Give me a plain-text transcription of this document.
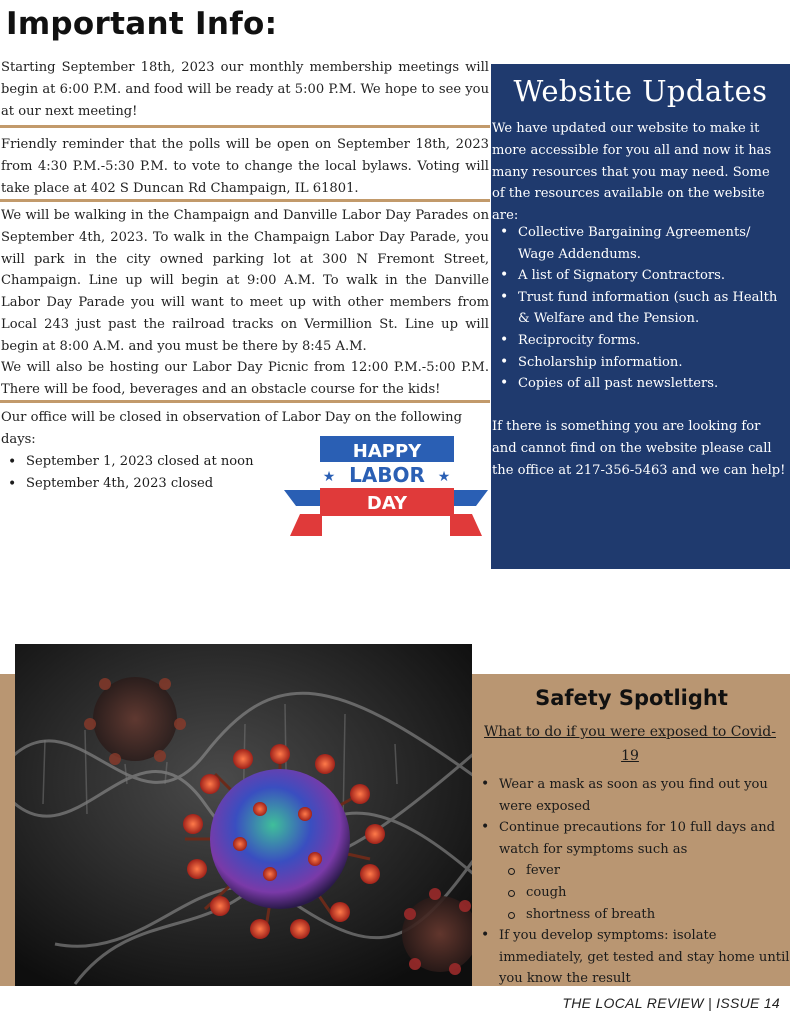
Important Info:

Starting September 18th, 2023 our monthly membership meetings will begin at 6:00 P.M. and food will be ready at 5:00 P.M. We hope to see you at our next meeting!

Friendly reminder that the polls will be open on September 18th, 2023 from 4:30 P.M.-5:30 P.M. to vote to change the local bylaws. Voting will take place at 402 S Duncan Rd Champaign, IL 61801.

We will be walking in the Champaign and Danville Labor Day Parades on September 4th, 2023. To walk in the Champaign Labor Day Parade, you will park in the city owned parking lot at 300 N Fremont Street, Champaign. Line up will begin at 9:00 A.M. To walk in the Danville Labor Day Parade you will want to meet up with other members from Local 243 just past the railroad tracks on Vermillion St. Line up will begin at 8:00 A.M. and you must be there by 8:45 A.M.

We will also be hosting our Labor Day Picnic from 12:00 P.M.-5:00 P.M. There will be food, beverages and an obstacle course for the kids!

Our office will be closed in observation of Labor Day on the following days:

• September 1, 2023 closed at noon
• September 4th, 2023 closed
HAPPY
★ LABOR ★
DAY
Website Updates

We have updated our website to make it more accessible for you all and now it has many resources that you may need. Some of the resources available on the website are:

• Collective Bargaining Agreements/ Wage Addendums.
• A list of Signatory Contractors.
• Trust fund information (such as Health & Welfare and the Pension.
• Reciprocity forms.
• Scholarship information.
• Copies of all past newsletters.

If there is something you are looking for and cannot find on the website please call the office at 217-356-5463 and we can help!

Safety Spotlight
What to do if you were exposed to Covid-19
• Wear a mask as soon as you find out you were exposed
• Continue precautions for 10 full days and watch for symptoms such as
fever
cough
shortness of breath
• If you develop symptoms: isolate immediately, get tested and stay home until you know the result
THE LOCAL REVIEW | ISSUE 14
